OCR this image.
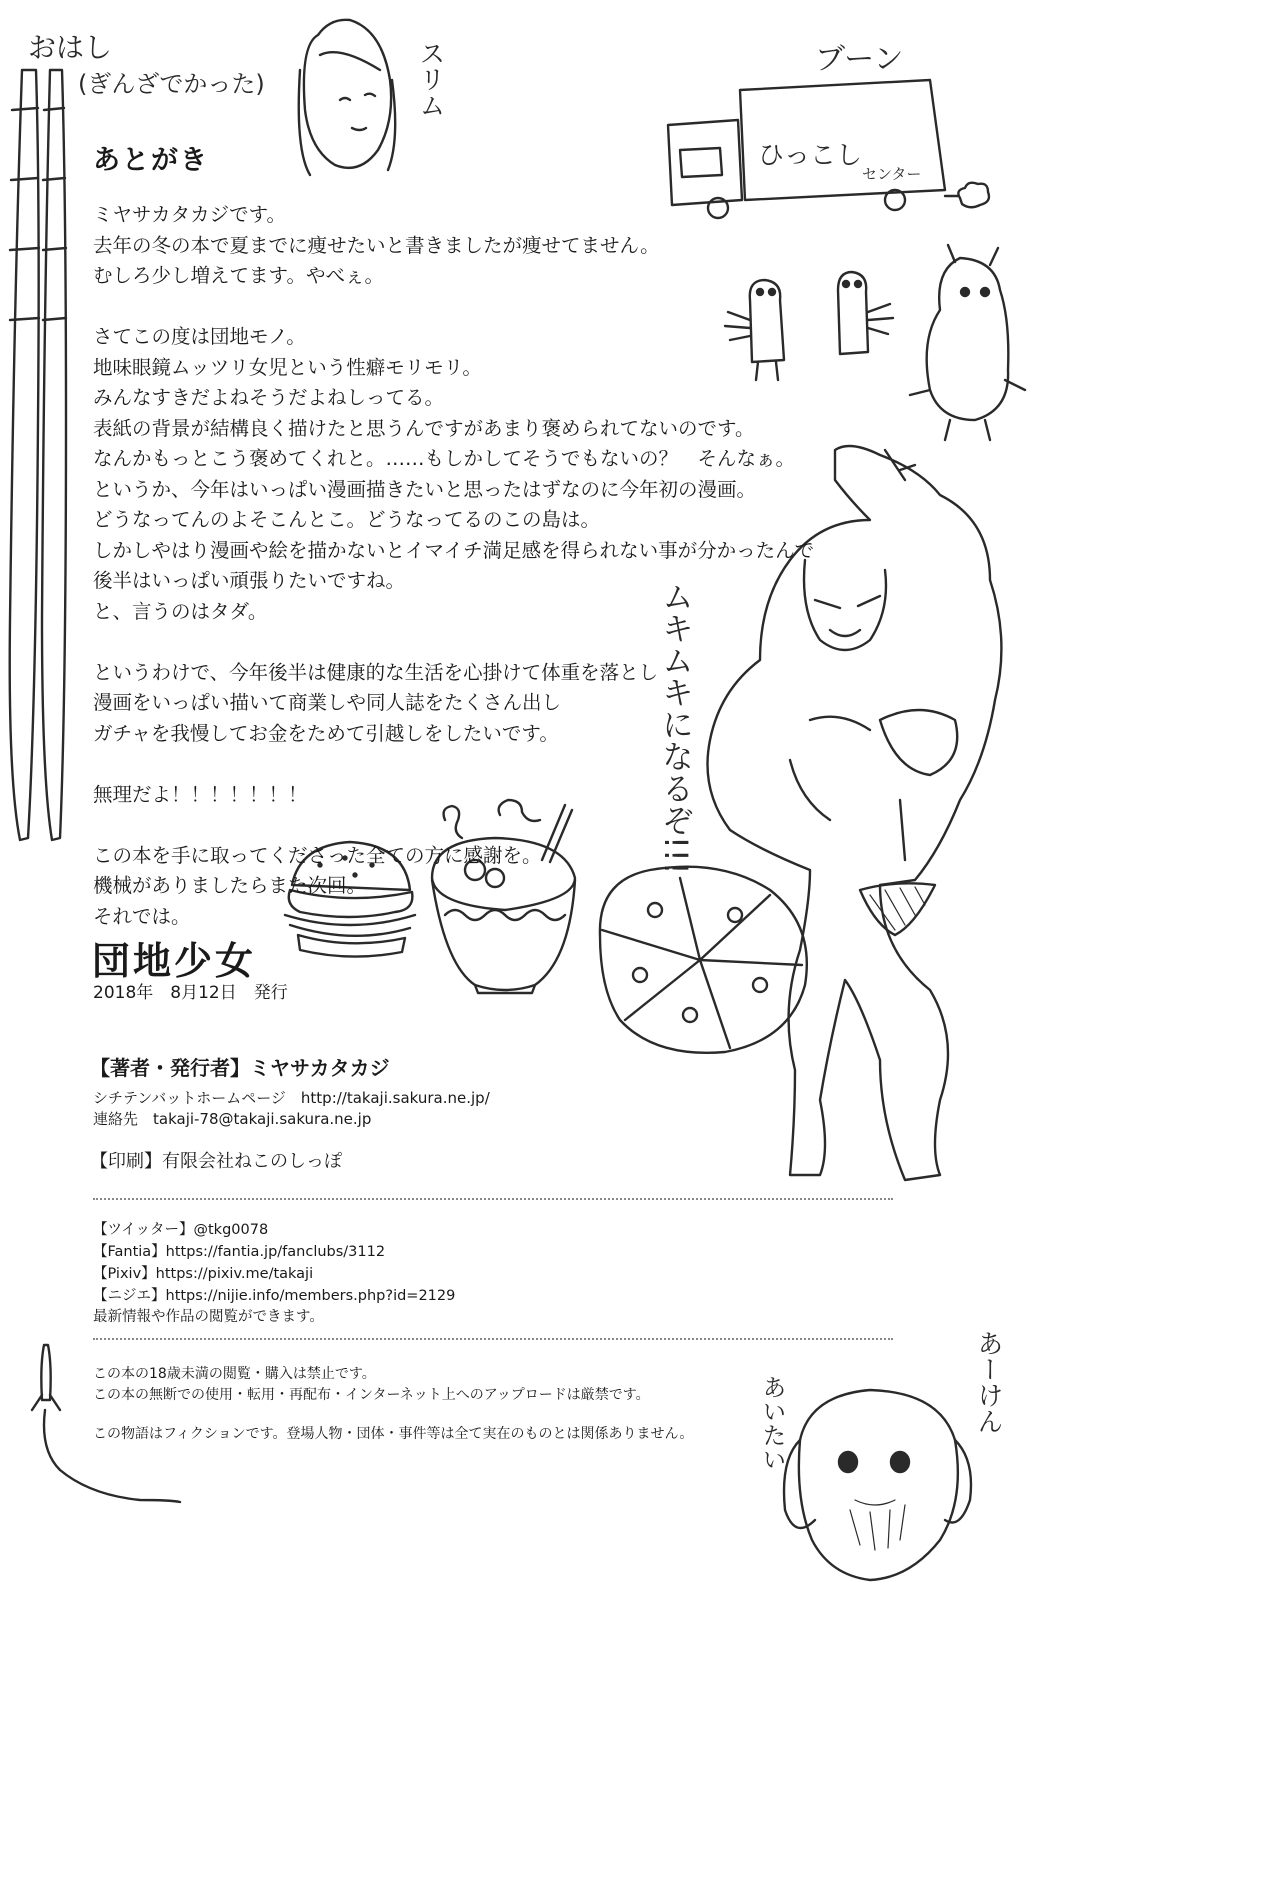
おはし
(ぎんざでかった)	スリム	ブーン
ひっこし
センター
ムキムキになるぞ!!!
あいたい	あーけん
あとがき
ミヤサカタカジです。
去年の冬の本で夏までに痩せたいと書きましたが痩せてません。
むしろ少し増えてます。やべぇ。
さてこの度は団地モノ。
地味眼鏡ムッツリ女児という性癖モリモリ。
みんなすきだよねそうだよねしってる。
表紙の背景が結構良く描けたと思うんですがあまり褒められてないのです。
なんかもっとこう褒めてくれと。……もしかしてそうでもないの？　そんなぁ。
というか、今年はいっぱい漫画描きたいと思ったはずなのに今年初の漫画。
どうなってんのよそこんとこ。どうなってるのこの島は。
しかしやはり漫画や絵を描かないとイマイチ満足感を得られない事が分かったんで
後半はいっぱい頑張りたいですね。
と、言うのはタダ。
というわけで、今年後半は健康的な生活を心掛けて体重を落とし
漫画をいっぱい描いて商業しや同人誌をたくさん出し
ガチャを我慢してお金をためて引越しをしたいです。
無理だよ！！！！！！！
この本を手に取ってくださった全ての方に感謝を。
機械がありましたらまた次回。
それでは。
団地少女
2018年　8月12日　発行
【著者・発行者】ミヤサカタカジ
シチテンバットホームページ　http://takaji.sakura.ne.jp/
連絡先　takaji-78@takaji.sakura.ne.jp
【印刷】有限会社ねこのしっぽ
【ツイッター】@tkg0078
【Fantia】https://fantia.jp/fanclubs/3112
【Pixiv】https://pixiv.me/takaji
【ニジエ】https://nijie.info/members.php?id=2129
最新情報や作品の閲覧ができます。
この本の18歳未満の閲覧・購入は禁止です。
この本の無断での使用・転用・再配布・インターネット上へのアップロードは厳禁です。
この物語はフィクションです。登場人物・団体・事件等は全て実在のものとは関係ありません。
